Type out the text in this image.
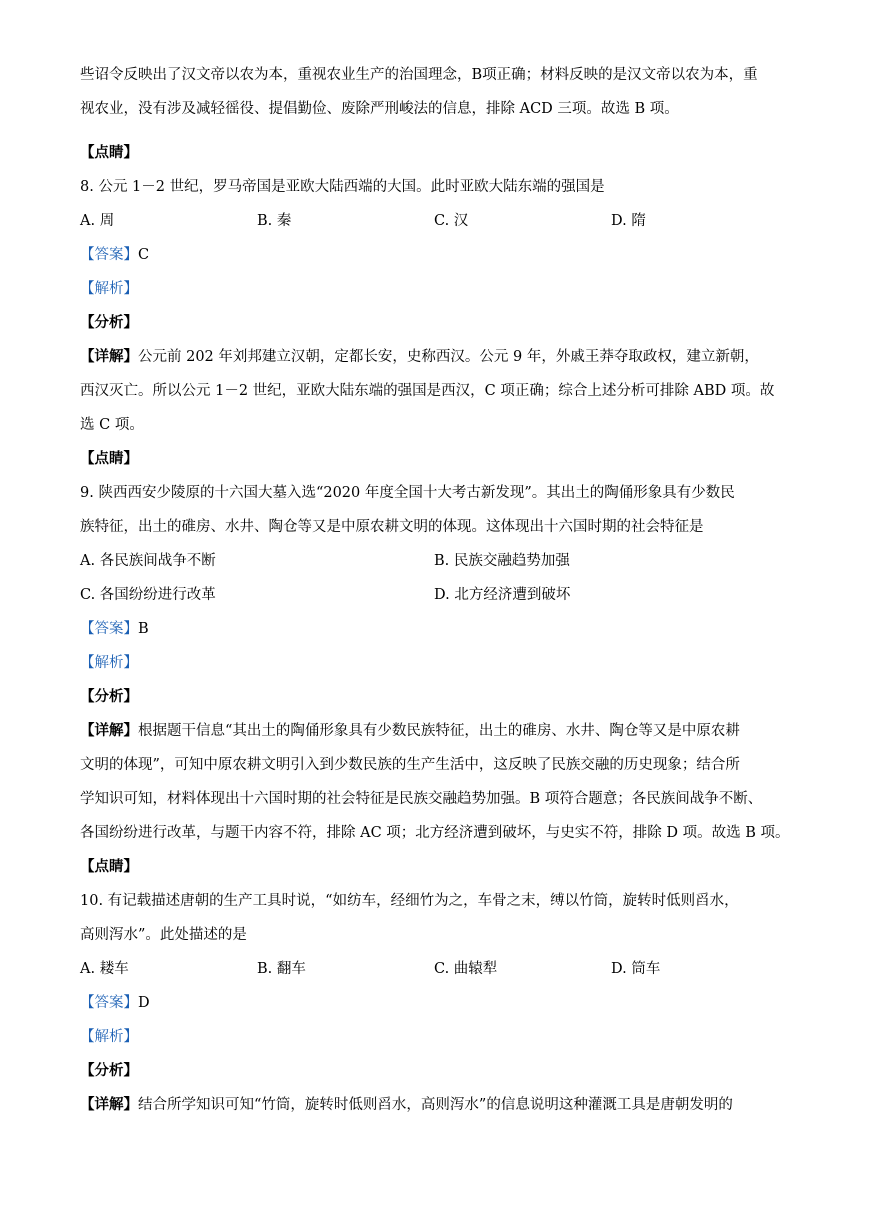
些诏令反映出了汉文帝以农为本，重视农业生产的治国理念，B项正确；材料反映的是汉文帝以农为本，重
视农业，没有涉及减轻徭役、提倡勤俭、废除严刑峻法的信息，排除 ACD 三项。故选 B 项。
【点睛】
8. 公元 1－2 世纪，罗马帝国是亚欧大陆西端的大国。此时亚欧大陆东端的强国是
A. 周	B. 秦	C. 汉	D. 隋
【答案】C
【解析】
【分析】
【详解】公元前 202 年刘邦建立汉朝，定都长安，史称西汉。公元 9 年，外戚王莽夺取政权，建立新朝，
西汉灭亡。所以公元 1－2 世纪，亚欧大陆东端的强国是西汉，C 项正确；综合上述分析可排除 ABD 项。故
选 C 项。
【点睛】
9. 陕西西安少陵原的十六国大墓入选“2020 年度全国十大考古新发现”。其出土的陶俑形象具有少数民
族特征，出土的碓房、水井、陶仓等又是中原农耕文明的体现。这体现出十六国时期的社会特征是
A. 各民族间战争不断	B. 民族交融趋势加强
C. 各国纷纷进行改革	D. 北方经济遭到破坏
【答案】B
【解析】
【分析】
【详解】根据题干信息“其出土的陶俑形象具有少数民族特征，出土的碓房、水井、陶仓等又是中原农耕
文明的体现”，可知中原农耕文明引入到少数民族的生产生活中，这反映了民族交融的历史现象；结合所
学知识可知，材料体现出十六国时期的社会特征是民族交融趋势加强。B 项符合题意；各民族间战争不断、
各国纷纷进行改革，与题干内容不符，排除 AC 项；北方经济遭到破坏，与史实不符，排除 D 项。故选 B 项。
【点睛】
10. 有记载描述唐朝的生产工具时说，“如纺车，经细竹为之，车骨之末，缚以竹筒，旋转时低则舀水，
高则泻水”。此处描述的是
A. 耧车	B. 翻车	C. 曲辕犁	D. 筒车
【答案】D
【解析】
【分析】
【详解】结合所学知识可知“竹筒，旋转时低则舀水，高则泻水”的信息说明这种灌溉工具是唐朝发明的
